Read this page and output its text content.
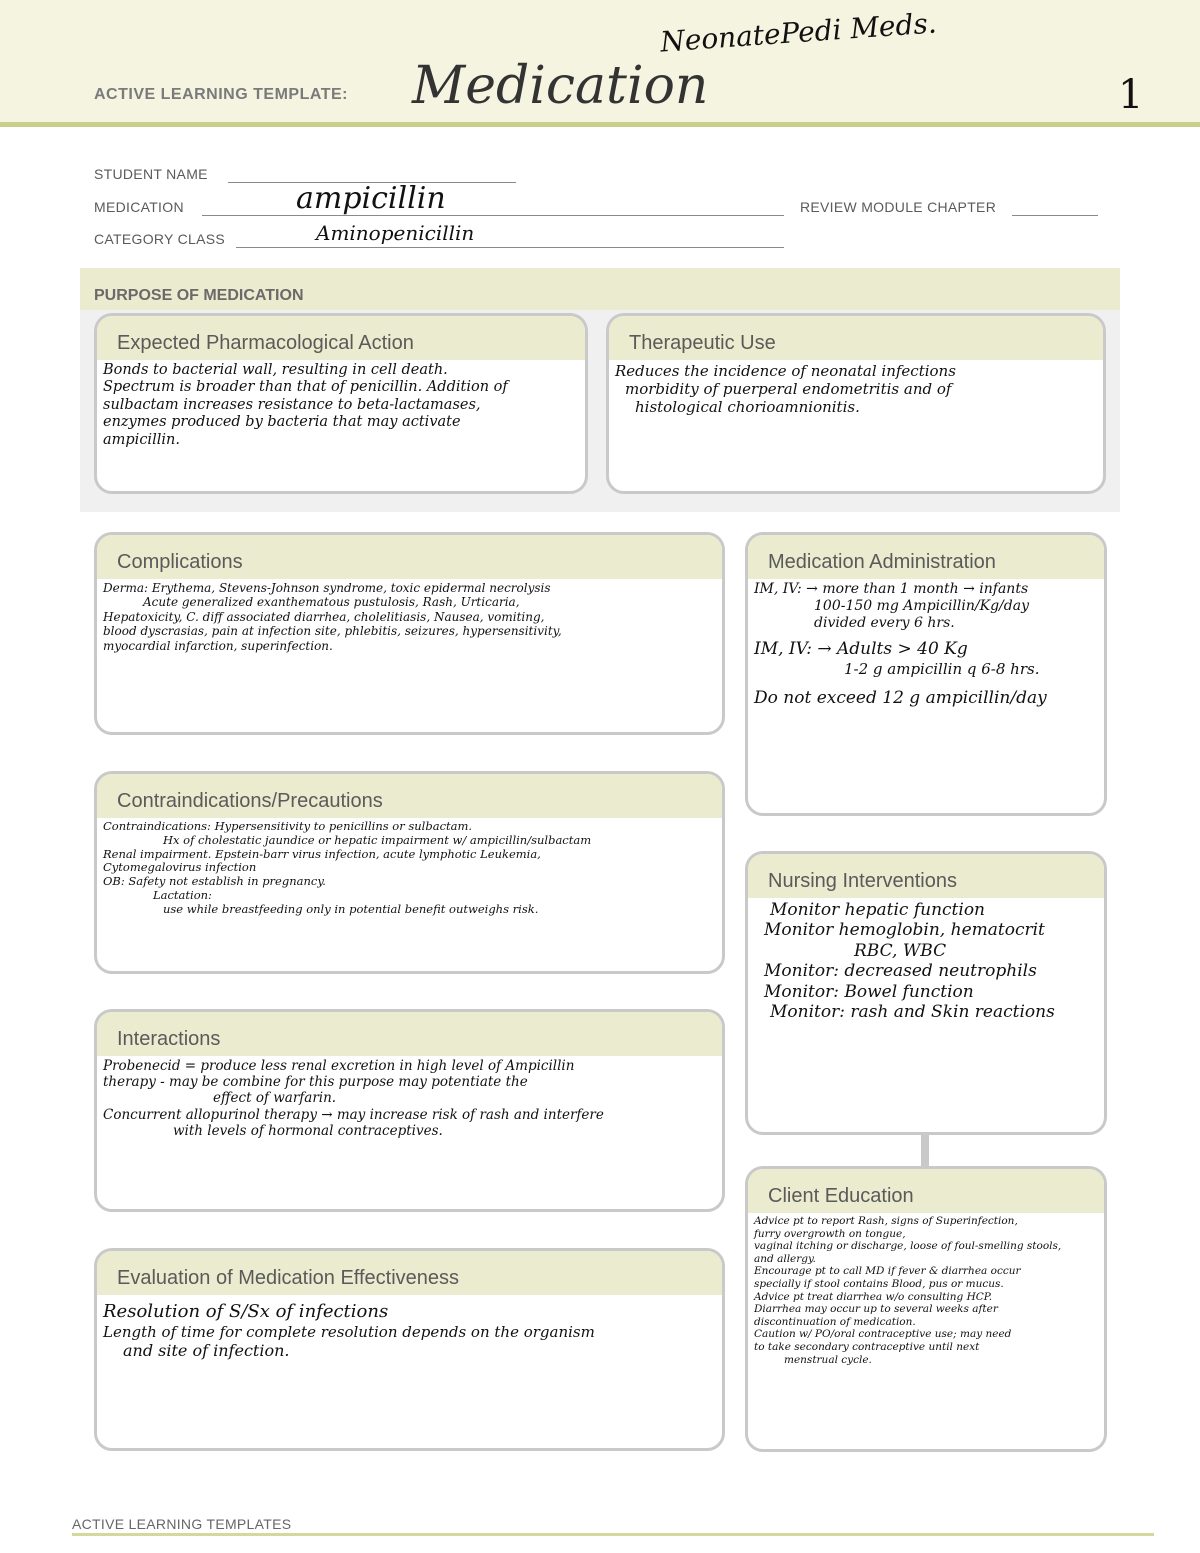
ACTIVE LEARNING TEMPLATE: Medication
NeonatePedi Meds.
1
STUDENT NAME
MEDICATION	ampicillin	REVIEW MODULE CHAPTER
CATEGORY CLASS	Aminopenicillin
PURPOSE OF MEDICATION
Expected Pharmacological Action
Bonds to bacterial wall, resulting in cell death.
Spectrum is broader than that of penicillin. Addition of
sulbactam increases resistance to beta-lactamases,
enzymes produced by bacteria that may activate
ampicillin.
Therapeutic Use
Reduces the incidence of neonatal infections
morbidity of puerperal endometritis and of
histological chorioamnionitis.
Complications
Derma: Erythema, Stevens-Johnson syndrome, toxic epidermal necrolysis
Acute generalized exanthematous pustulosis, Rash, Urticaria,
Hepatoxicity, C. diff associated diarrhea, cholelitiasis, Nausea, vomiting,
blood dyscrasias, pain at infection site, phlebitis, seizures, hypersensitivity,
myocardial infarction, superinfection.
Medication Administration
IM, IV: → more than 1 month → infants
100-150 mg Ampicillin/Kg/day
divided every 6 hrs.
IM, IV: → Adults > 40 Kg
1-2 g ampicillin q 6-8 hrs.
Do not exceed 12 g ampicillin/day
Contraindications/Precautions
Contraindications: Hypersensitivity to penicillins or sulbactam.
Hx of cholestatic jaundice or hepatic impairment w/ ampicillin/sulbactam
Renal impairment. Epstein-barr virus infection, acute lymphotic Leukemia,
Cytomegalovirus infection
OB: Safety not establish in pregnancy.
Lactation:
use while breastfeeding only in potential benefit outweighs risk.
Nursing Interventions
Monitor hepatic function
Monitor hemoglobin, hematocrit
RBC, WBC
Monitor: decreased neutrophils
Monitor: Bowel function
Monitor: rash and Skin reactions
Interactions
Probenecid = produce less renal excretion in high level of Ampicillin
therapy - may be combine for this purpose may potentiate the
effect of warfarin.
Concurrent allopurinol therapy → may increase risk of rash and interfere
with levels of hormonal contraceptives.
Client Education
Advice pt to report Rash, signs of Superinfection,
furry overgrowth on tongue,
vaginal itching or discharge, loose of foul-smelling stools,
and allergy.
Encourage pt to call MD if fever & diarrhea occur
specially if stool contains Blood, pus or mucus.
Advice pt treat diarrhea w/o consulting HCP.
Diarrhea may occur up to several weeks after
discontinuation of medication.
Caution w/ PO/oral contraceptive use; may need
to take secondary contraceptive until next
menstrual cycle.
Evaluation of Medication Effectiveness
Resolution of S/Sx of infections
Length of time for complete resolution depends on the organism
and site of infection.
ACTIVE LEARNING TEMPLATES
